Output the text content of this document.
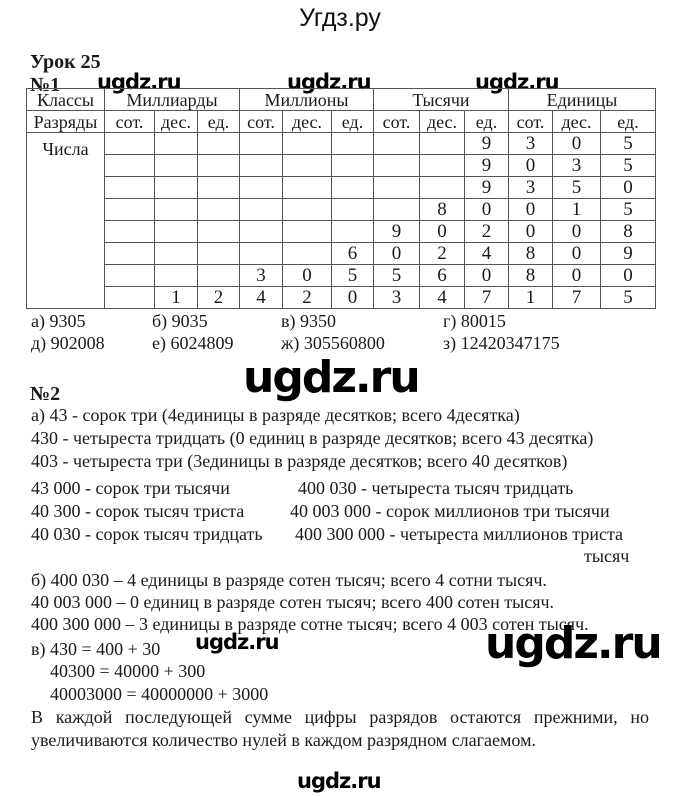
Угдз.ру
Урок 25
№1 ugdz.ru	ugdz.ru	ugdz.ru
Классы	Миллиарды			Миллионы			Тысячи			Единицы		
Разряды	сот.	дес.	ед.	сот.	дес.	ед.	сот.	дес.	ед.	сот.	дес.	ед.
Числа									9	3	0	5
									9	0	3	5
									9	3	5	0
								8	0	0	1	5
							9	0	2	0	0	8
						6	0	2	4	8	0	9
				3	0	5	5	6	0	8	0	0
		1	2	4	2	0	3	4	7	1	7	5
а) 9305	б) 9035	в) 9350	г) 80015
д) 902008	е) 6024809	ж) 305560800	з) 12420347175
ugdz.ru
№2
а) 43 - сорок три (4единицы в разряде десятков; всего 4десятка)
430 - четыреста тридцать (0 единиц в разряде десятков; всего 43 десятка)
403 - четыреста три (3единицы в разряде десятков; всего 40 десятков)
43 000 - сорок три тысячи
40 300 - сорок тысяч триста
40 030 - сорок тысяч тридцать
400 030 - четыреста тысяч тридцать
40 003 000 - сорок миллионов три тысячи
400 300 000 - четыреста миллионов триста
тысяч
б) 400 030 – 4 единицы в разряде сотен тысяч; всего 4 сотни тысяч.
40 003 000 – 0 единиц в разряде сотен тысяч; всего 400 сотен тысяч.
400 300 000 – 3 единицы в разряде сотне тысяч; всего 4 003 сотен тысяч.
ugdz.ru	ugdz.ru
в) 430 = 400 + 30
40300 = 40000 + 300
40003000 = 40000000 + 3000
В каждой последующей сумме цифры разрядов остаются прежними, но
увеличиваются количество нулей в каждом разрядном слагаемом.
ugdz.ru
